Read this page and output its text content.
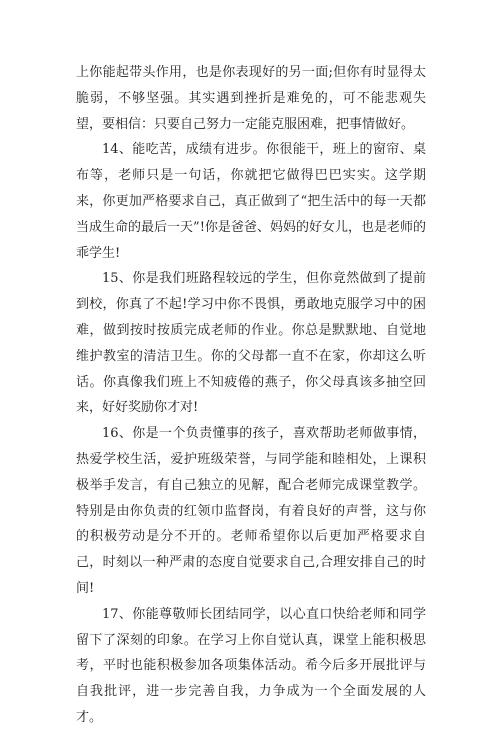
上你能起带头作用，也是你表现好的另一面;但你有时显得太脆弱，不够坚强。其实遇到挫折是难免的，可不能悲观失望，要相信：只要自己努力一定能克服困难，把事情做好。

14、能吃苦，成绩有进步。你很能干，班上的窗帘、桌布等，老师只是一句话，你就把它做得巴巴实实。这学期来，你更加严格要求自己，真正做到了“把生活中的每一天都当成生命的最后一天”!你是爸爸、妈妈的好女儿，也是老师的乖学生!

15、你是我们班路程较远的学生，但你竟然做到了提前到校，你真了不起!学习中你不畏惧，勇敢地克服学习中的困难，做到按时按质完成老师的作业。你总是默默地、自觉地维护教室的清洁卫生。你的父母都一直不在家，你却这么听话。你真像我们班上不知疲倦的燕子，你父母真该多抽空回来，好好奖励你才对!

16、你是一个负责懂事的孩子，喜欢帮助老师做事情，热爱学校生活，爱护班级荣誉，与同学能和睦相处，上课积极举手发言，有自己独立的见解，配合老师完成课堂教学。特别是由你负责的红领巾监督岗，有着良好的声誉，这与你的积极劳动是分不开的。老师希望你以后更加严格要求自己，时刻以一种严肃的态度自觉要求自己,合理安排自己的时间!

17、你能尊敬师长团结同学，以心直口快给老师和同学留下了深刻的印象。在学习上你自觉认真，课堂上能积极思考，平时也能积极参加各项集体活动。希今后多开展批评与自我批评，进一步完善自我，力争成为一个全面发展的人才。
